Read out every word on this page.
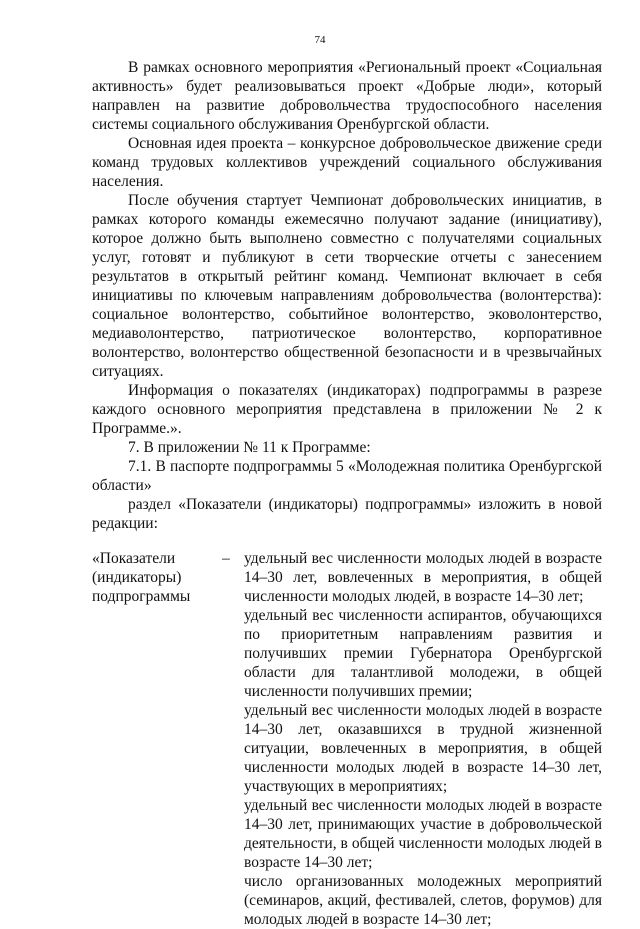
74

В рамках основного мероприятия «Региональный проект «Социальная активность» будет реализовываться проект «Добрые люди», который направлен на развитие добровольчества трудоспособного населения системы социального обслуживания Оренбургской области.

Основная идея проекта – конкурсное добровольческое движение среди команд трудовых коллективов учреждений социального обслуживания населения.

После обучения стартует Чемпионат добровольческих инициатив, в рамках которого команды ежемесячно получают задание (инициативу), которое должно быть выполнено совместно с получателями социальных услуг, готовят и публикуют в сети творческие отчеты с занесением результатов в открытый рейтинг команд. Чемпионат включает в себя инициативы по ключевым направлениям добровольчества (волонтерства): социальное волонтерство, событийное волонтерство, эковолонтерство, медиаволонтерство, патриотическое волонтерство, корпоративное волонтерство, волонтерство общественной безопасности и в чрезвычайных ситуациях.

Информация о показателях (индикаторах) подпрограммы в разрезе каждого основного мероприятия представлена в приложении № 2 к Программе.».

7. В приложении № 11 к Программе:

7.1. В паспорте подпрограммы 5 «Молодежная политика Оренбургской области»

раздел «Показатели (индикаторы) подпрограммы» изложить в новой редакции:

«Показатели (индикаторы) подпрограммы
– удельный вес численности молодых людей в возрасте 14–30 лет, вовлеченных в мероприятия, в общей численности молодых людей, в возрасте 14–30 лет;

удельный вес численности аспирантов, обучающихся по приоритетным направлениям развития и получивших премии Губернатора Оренбургской области для талантливой молодежи, в общей численности получивших премии;

удельный вес численности молодых людей в возрасте 14–30 лет, оказавшихся в трудной жизненной ситуации, вовлеченных в мероприятия, в общей численности молодых людей в возрасте 14–30 лет, участвующих в мероприятиях;

удельный вес численности молодых людей в возрасте 14–30 лет, принимающих участие в добровольческой деятельности, в общей численности молодых людей в возрасте 14–30 лет;

число организованных молодежных мероприятий (семинаров, акций, фестивалей, слетов, форумов) для молодых людей в возрасте 14–30 лет;
